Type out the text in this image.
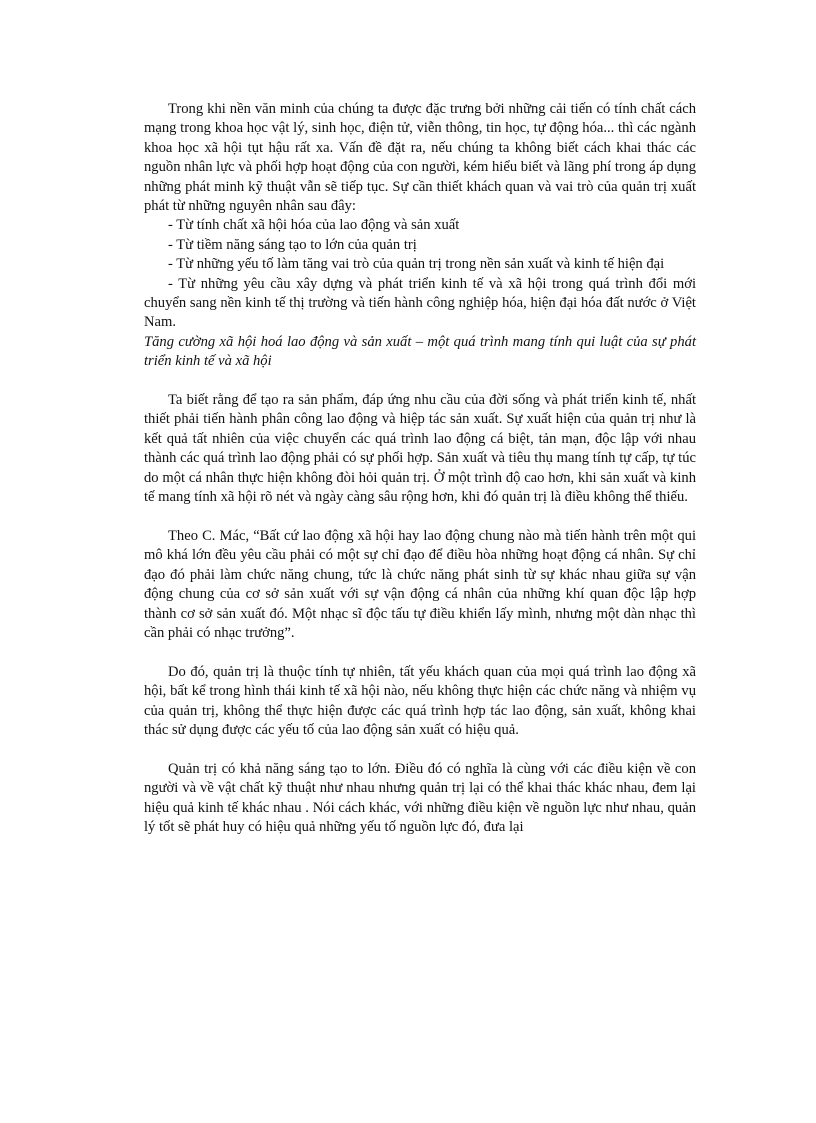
Trong khi nền văn minh của chúng ta được đặc trưng bởi những cải tiến có tính chất cách mạng trong khoa học vật lý, sinh học, điện tử, viễn thông, tin học, tự động hóa... thì các ngành khoa học xã hội tụt hậu rất xa. Vấn đề đặt ra, nếu chúng ta không biết cách khai thác các nguồn nhân lực và phối hợp hoạt động của con người, kém hiểu biết và lãng phí trong áp dụng những phát minh kỹ thuật vẫn sẽ tiếp tục. Sự cần thiết khách quan và vai trò của quản trị xuất phát từ những nguyên nhân sau đây:

- Từ tính chất xã hội hóa của lao động và sản xuất

- Từ tiềm năng sáng tạo to lớn của quản trị

- Từ những yếu tố làm tăng vai trò của quản trị trong nền sản xuất và kinh tế hiện đại

- Từ những yêu cầu xây dựng và phát triển kinh tế và xã hội trong quá trình đổi mới chuyển sang nền kinh tế thị trường và tiến hành công nghiệp hóa, hiện đại hóa đất nước ở Việt Nam.

Tăng cường xã hội hoá lao động và sản xuất – một quá trình mang tính qui luật của sự phát triển kinh tế và xã hội

Ta biết rằng để tạo ra sản phẩm, đáp ứng nhu cầu của đời sống và phát triển kinh tế, nhất thiết phải tiến hành phân công lao động và hiệp tác sản xuất. Sự xuất hiện của quản trị như là kết quả tất nhiên của việc chuyển các quá trình lao động cá biệt, tản mạn, độc lập với nhau thành các quá trình lao động phải có sự phối hợp. Sản xuất và tiêu thụ mang tính tự cấp, tự túc do một cá nhân thực hiện không đòi hỏi quản trị. Ở một trình độ cao hơn, khi sản xuất và kinh tế mang tính xã hội rõ nét và ngày càng sâu rộng hơn, khi đó quản trị là điều không thể thiếu.

Theo C. Mác, “Bất cứ lao động xã hội hay lao động chung nào mà tiến hành trên một qui mô khá lớn đều yêu cầu phải có một sự chỉ đạo để điều hòa những hoạt động cá nhân. Sự chỉ đạo đó phải làm chức năng chung, tức là chức năng phát sinh từ sự khác nhau giữa sự vận động chung của cơ sở sản xuất với sự vận động cá nhân của những khí quan độc lập hợp thành cơ sở sản xuất đó. Một nhạc sĩ độc tấu tự điều khiển lấy mình, nhưng một dàn nhạc thì cần phải có nhạc trưởng”.

Do đó, quản trị là thuộc tính tự nhiên, tất yếu khách quan của mọi quá trình lao động xã hội, bất kể trong hình thái kinh tế xã hội nào, nếu không thực hiện các chức năng và nhiệm vụ của quản trị, không thể thực hiện được các quá trình hợp tác lao động, sản xuất, không khai thác sử dụng được các yếu tố của lao động sản xuất có hiệu quả.

Quản trị có khả năng sáng tạo to lớn. Điều đó có nghĩa là cùng với các điều kiện về con người và về vật chất kỹ thuật như nhau nhưng quản trị lại có thể khai thác khác nhau, đem lại hiệu quả kinh tế khác nhau . Nói cách khác, với những điều kiện về nguồn lực như nhau, quản lý tốt sẽ phát huy có hiệu quả những yếu tố nguồn lực đó, đưa lại
